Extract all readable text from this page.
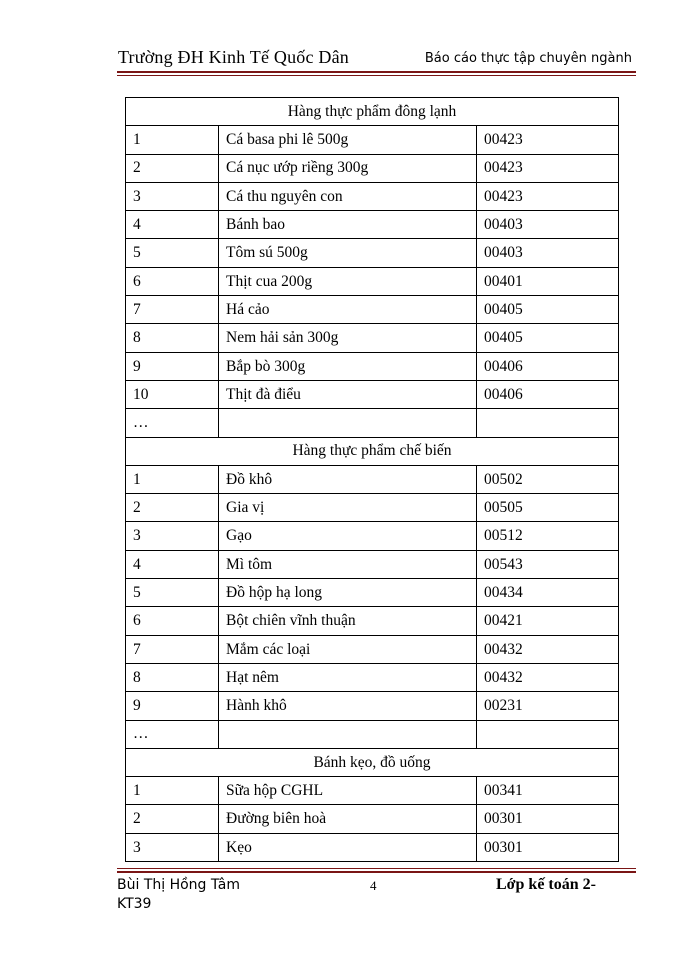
Trường ĐH Kinh Tế Quốc Dân	Báo cáo thực tập chuyên ngành
Hàng thực phẩm đông lạnh		
1	Cá basa phi lê 500g	00423
2	Cá nục ướp riềng 300g	00423
3	Cá thu nguyên con	00423
4	Bánh bao	00403
5	Tôm sú 500g	00403
6	Thịt cua 200g	00401
7	Há cảo	00405
8	Nem hải sản 300g	00405
9	Bắp bò 300g	00406
10	Thịt đà điểu	00406
…		
Hàng thực phẩm chế biến		
1	Đồ khô	00502
2	Gia vị	00505
3	Gạo	00512
4	Mì tôm	00543
5	Đồ hộp hạ long	00434
6	Bột chiên vĩnh thuận	00421
7	Mắm các loại	00432
8	Hạt nêm	00432
9	Hành khô	00231
…		
Bánh kẹo, đồ uống		
1	Sữa hộp CGHL	00341
2	Đường biên hoà	00301
3	Kẹo	00301
Bùi Thị Hồng Tâm
KT39
4	Lớp kế toán 2-
